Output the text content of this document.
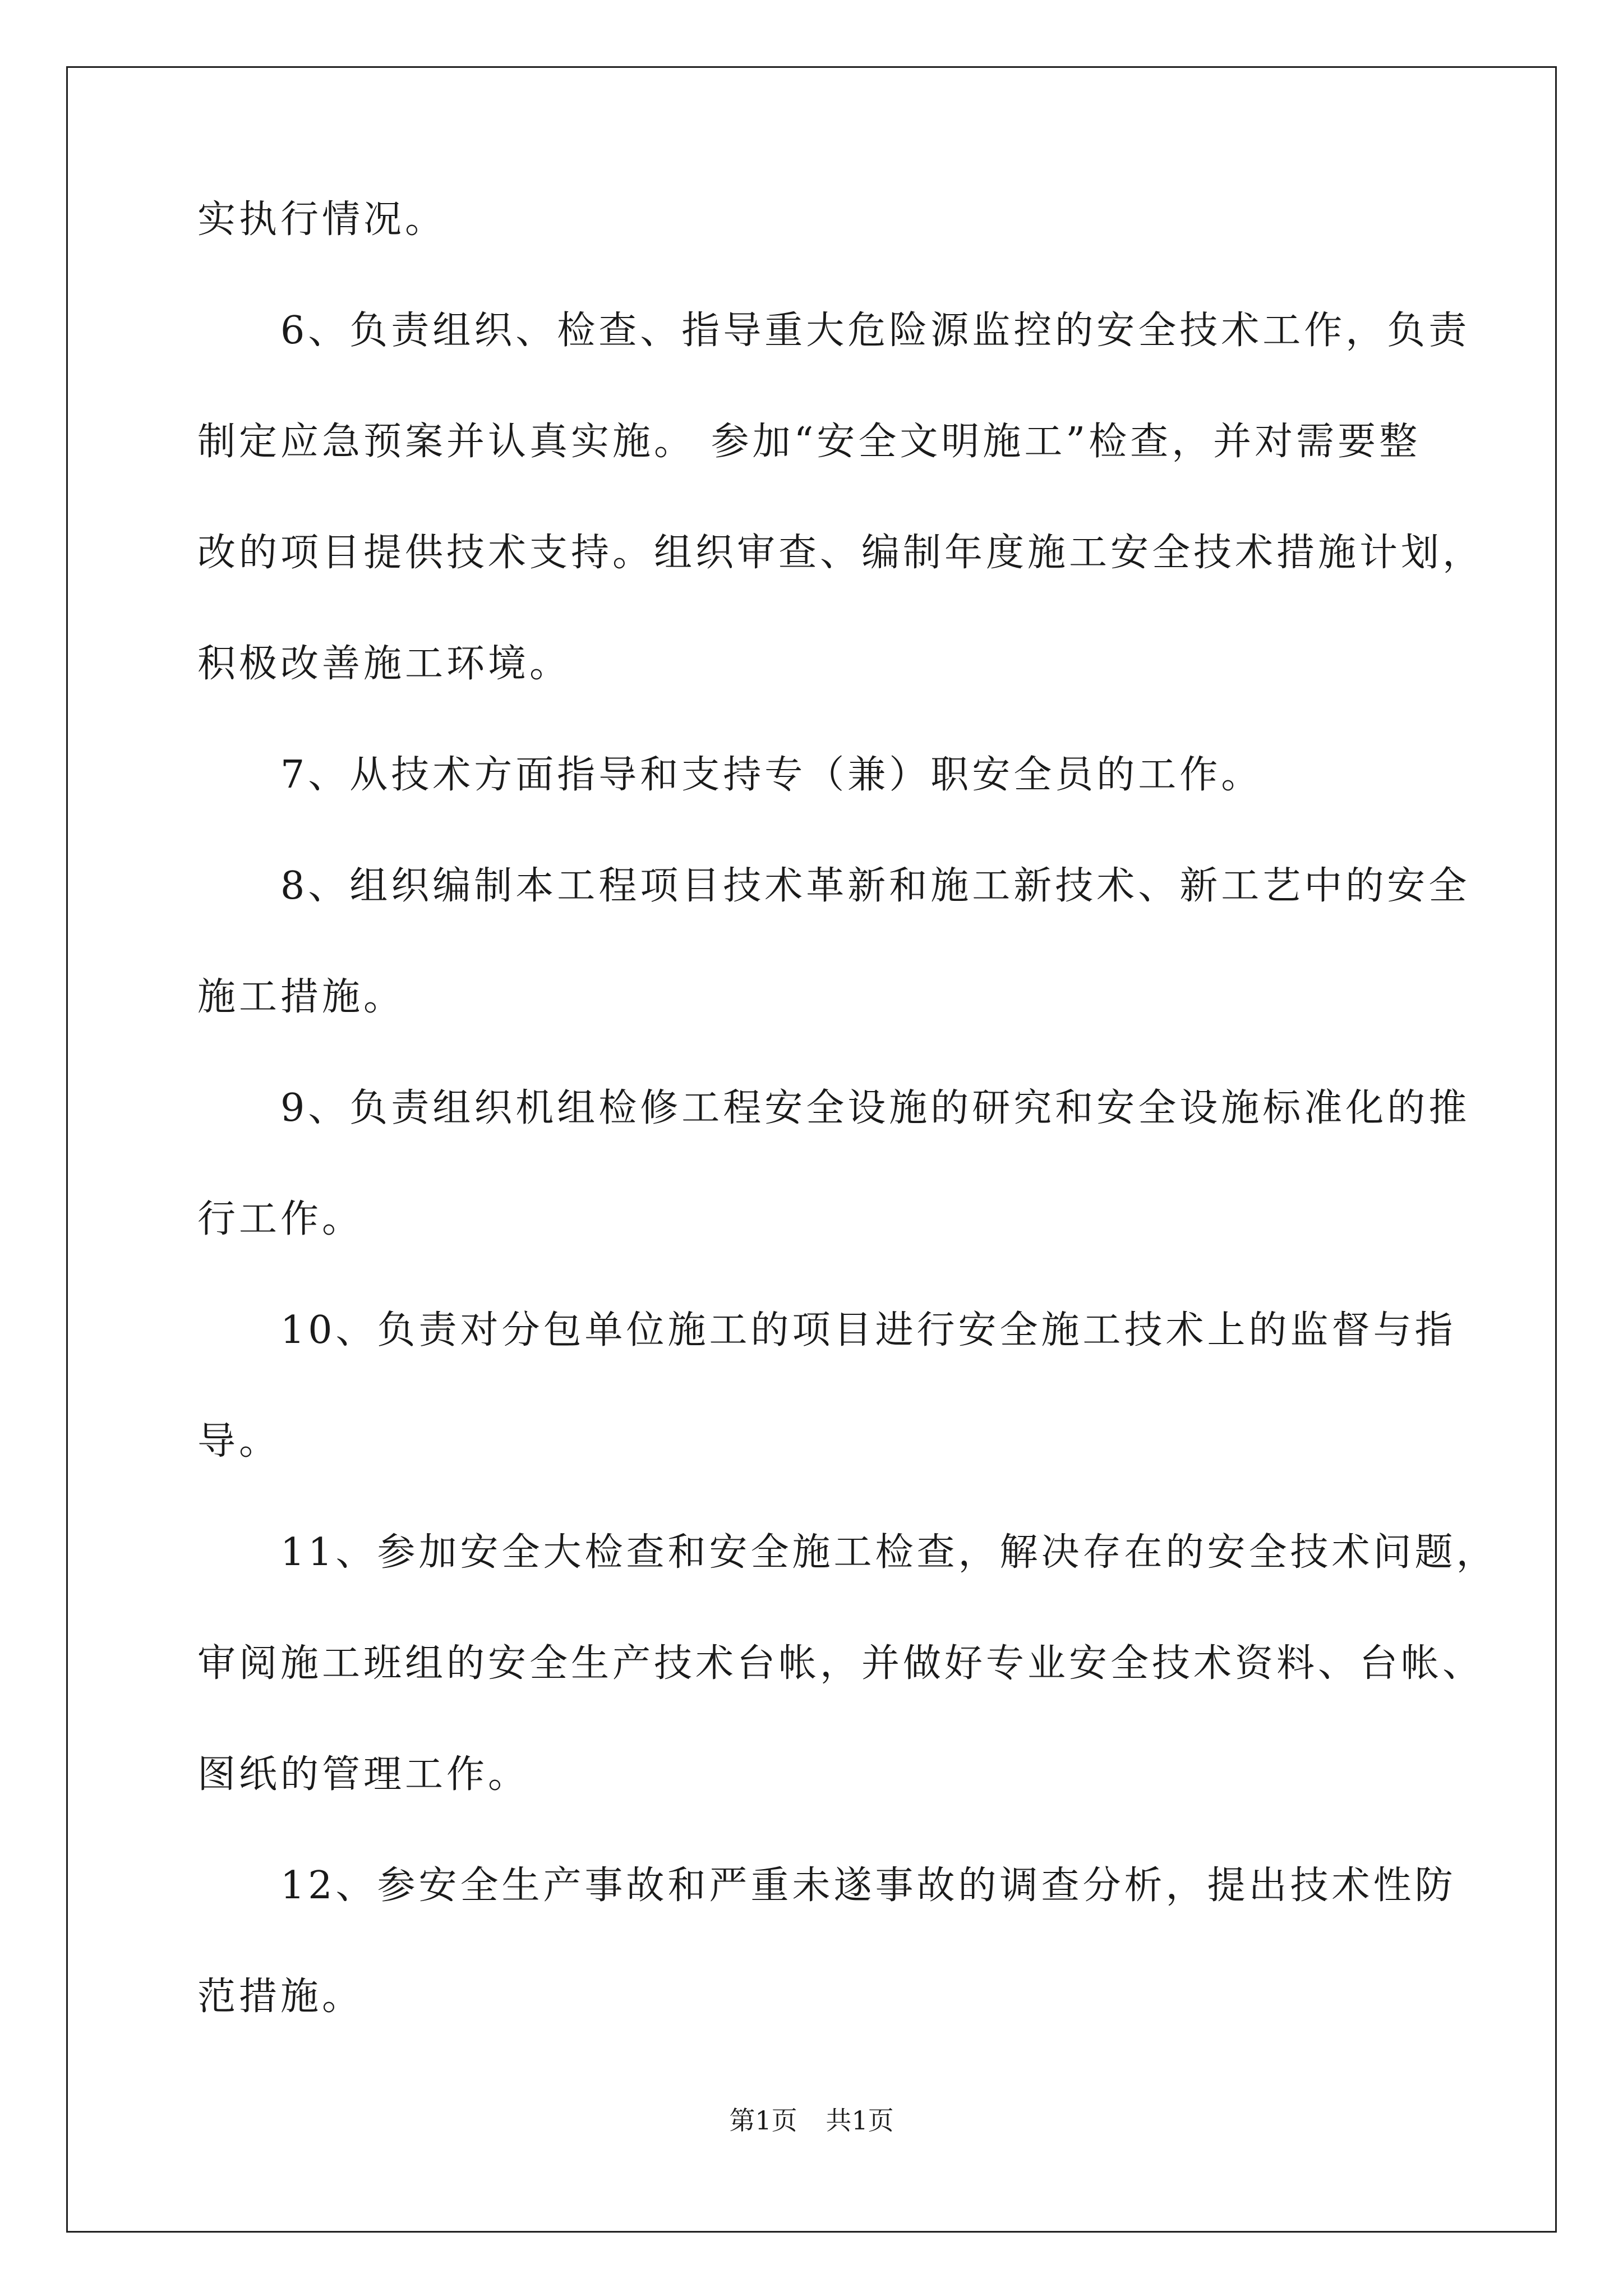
实执行情况。

6、负责组织、检查、指导重大危险源监控的安全技术工作，负责

制定应急预案并认真实施。 参加“安全文明施工”检查，并对需要整

改的项目提供技术支持。组织审查、编制年度施工安全技术措施计划，

积极改善施工环境。

7、从技术方面指导和支持专（兼）职安全员的工作。

8、组织编制本工程项目技术革新和施工新技术、新工艺中的安全

施工措施。

9、负责组织机组检修工程安全设施的研究和安全设施标准化的推

行工作。

10、负责对分包单位施工的项目进行安全施工技术上的监督与指

导。

11、参加安全大检查和安全施工检查，解决存在的安全技术问题，

审阅施工班组的安全生产技术台帐，并做好专业安全技术资料、台帐、

图纸的管理工作。

12、参安全生产事故和严重未遂事故的调查分析，提出技术性防

范措施。

第1页 共1页
